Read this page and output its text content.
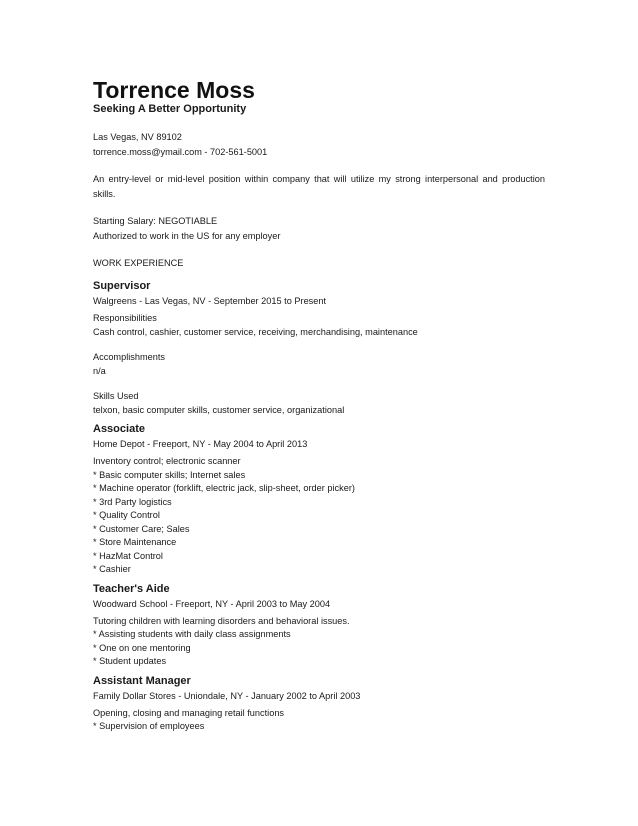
Torrence Moss
Seeking A Better Opportunity

Las Vegas, NV 89102

torrence.moss@ymail.com - 702-561-5001

An entry-level or mid-level position within company that will utilize my strong interpersonal and production skills.

Starting Salary: NEGOTIABLE

Authorized to work in the US for any employer

WORK EXPERIENCE
Supervisor
Walgreens - Las Vegas, NV - September 2015 to Present

Responsibilities

Cash control, cashier, customer service, receiving, merchandising, maintenance

Accomplishments

n/a

Skills Used

telxon, basic computer skills, customer service, organizational

Associate
Home Depot - Freeport, NY - May 2004 to April 2013

Inventory control; electronic scanner

* Basic computer skills; Internet sales

* Machine operator (forklift, electric jack, slip-sheet, order picker)

* 3rd Party logistics

* Quality Control

* Customer Care; Sales

* Store Maintenance

* HazMat Control

* Cashier

Teacher's Aide
Woodward School - Freeport, NY - April 2003 to May 2004

Tutoring children with learning disorders and behavioral issues.

* Assisting students with daily class assignments

* One on one mentoring

* Student updates

Assistant Manager
Family Dollar Stores - Uniondale, NY - January 2002 to April 2003

Opening, closing and managing retail functions

* Supervision of employees
